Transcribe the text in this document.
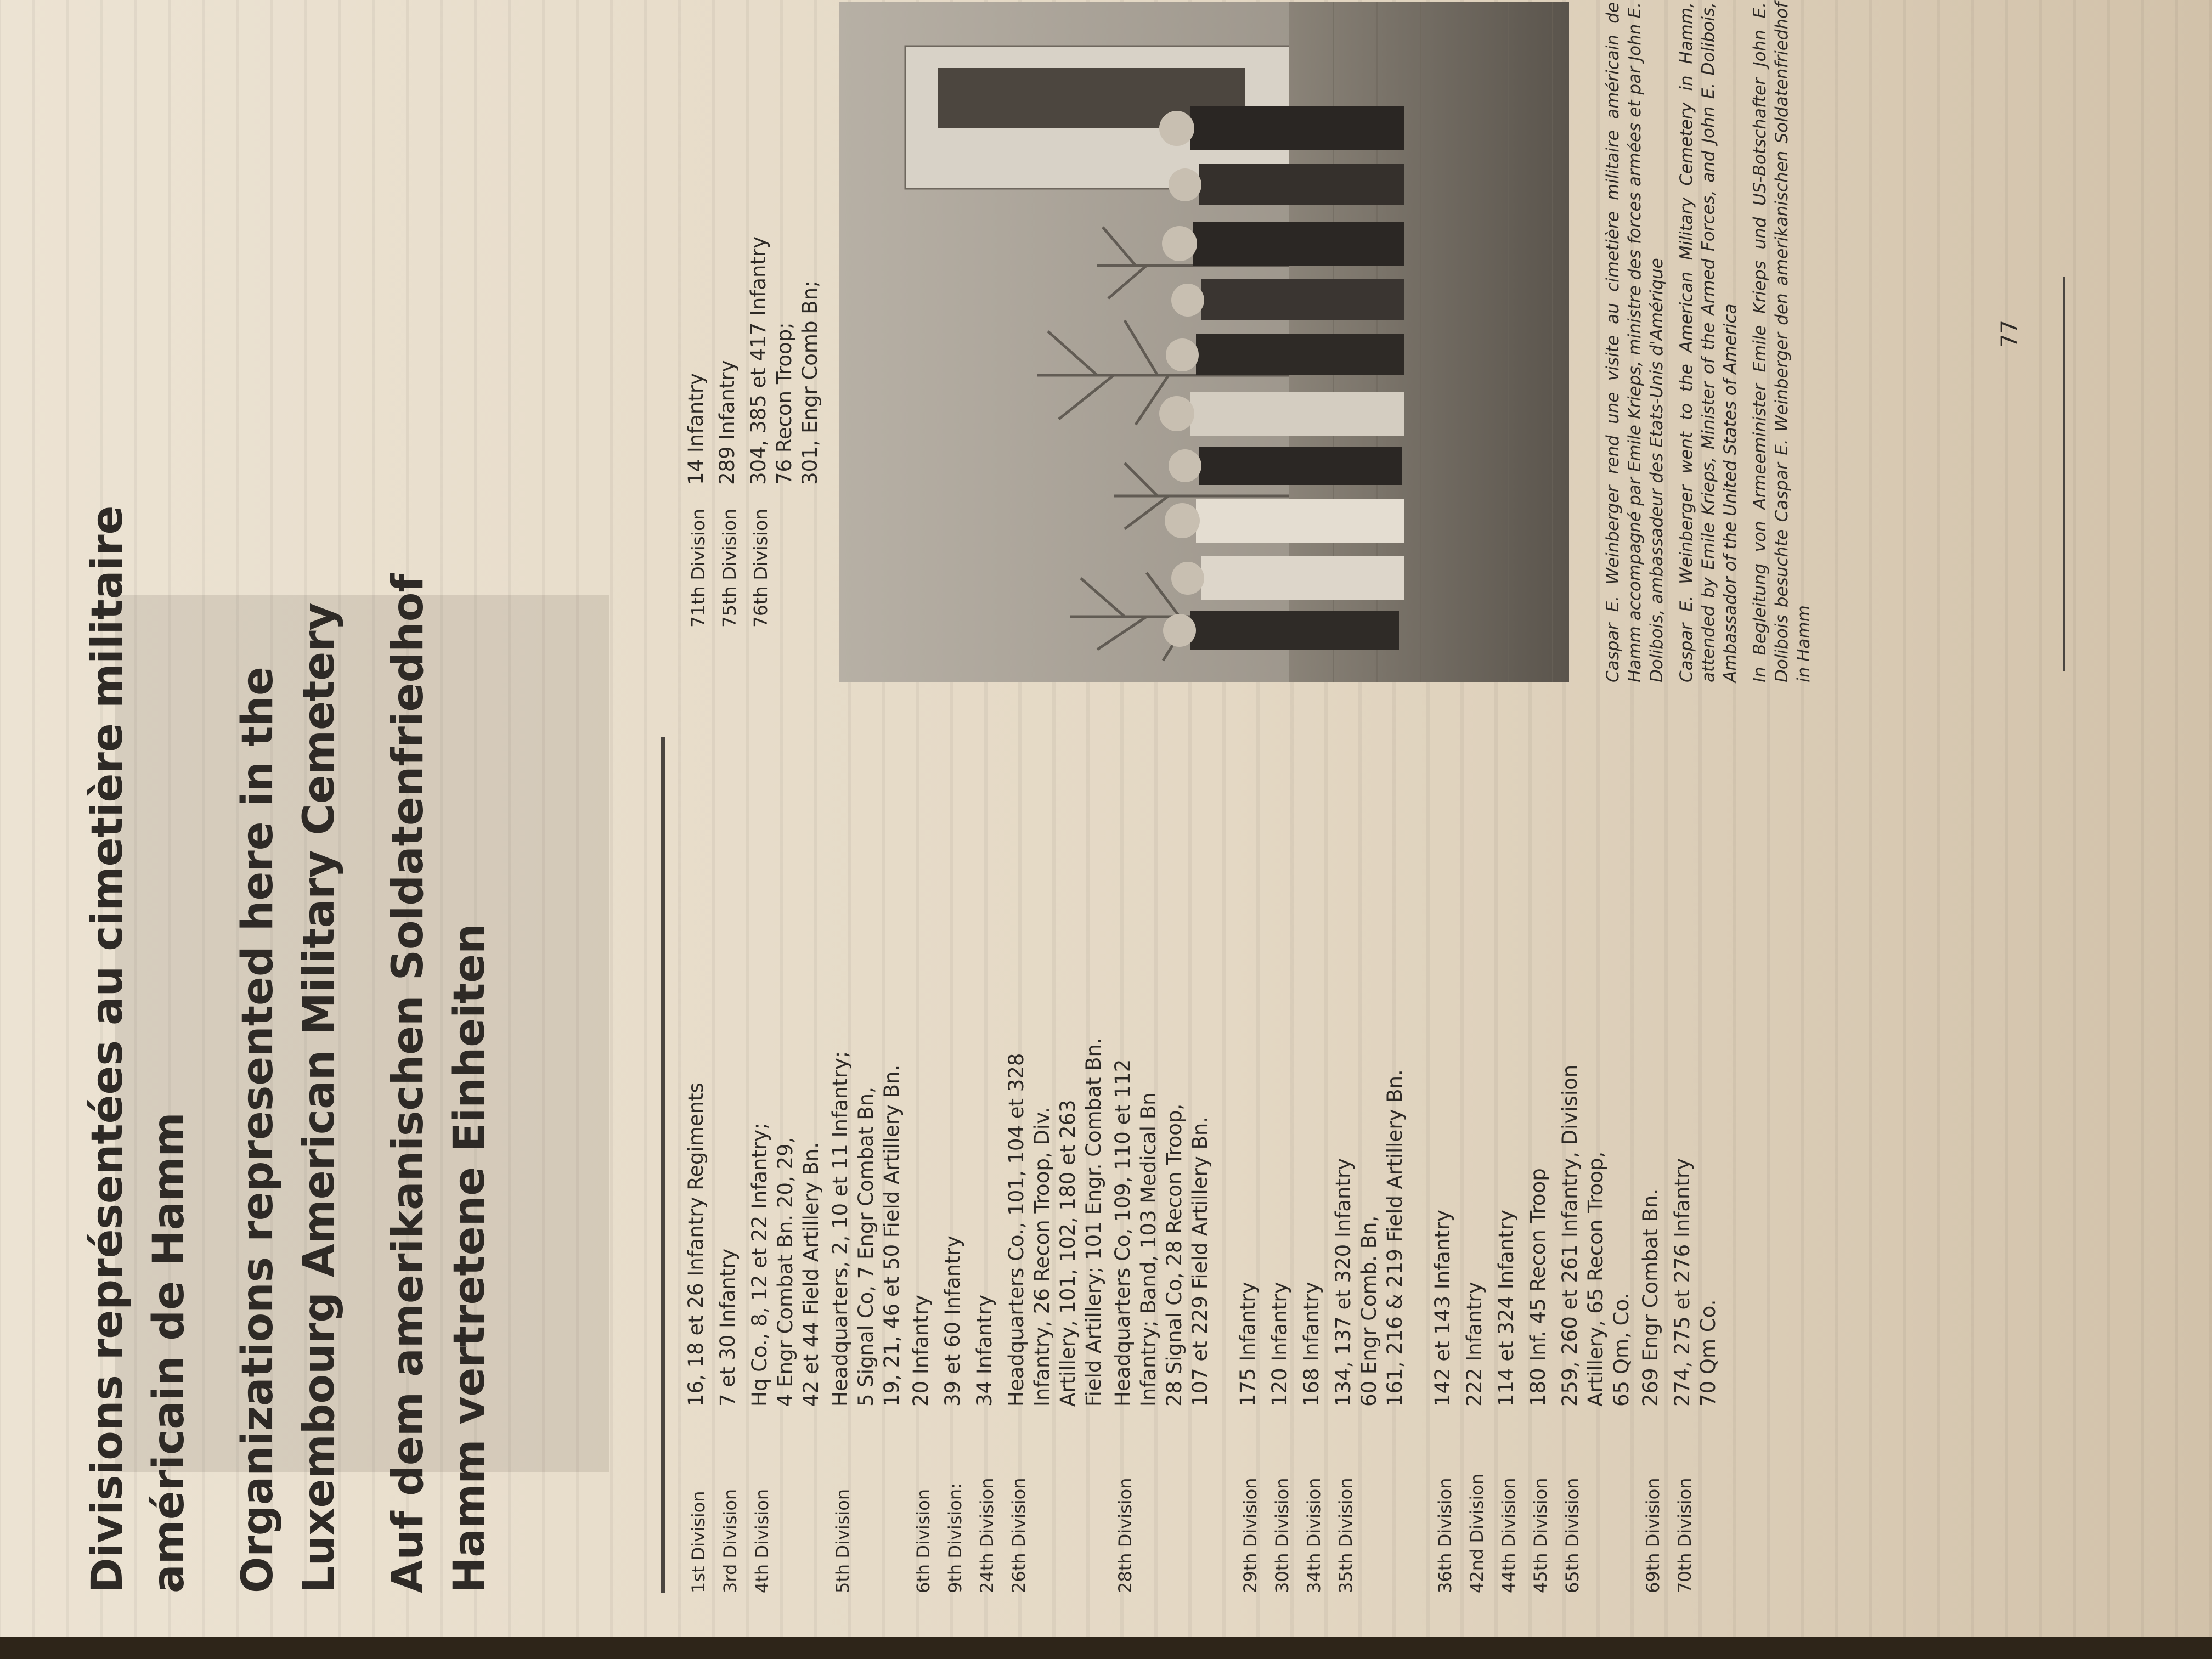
Divisions représentées au cimetière militaire américain de Hamm Organizations represented here in the Luxembourg American Military Cemetery Auf dem amerikanischen Soldatenfriedhof Hamm vertretene Einheiten	1st Division
16, 18 et 26 Infantry Regiments
3rd Division
7 et 30 Infantry
4th Division
Hq Co., 8, 12 et 22 Infantry; 4 Engr Combat Bn. 20, 29, 42 et 44 Field Artillery Bn.
5th Division
Headquarters, 2, 10 et 11 Infantry; 5 Signal Co, 7 Engr Combat Bn, 19, 21, 46 et 50 Field Artillery Bn.
6th Division
20 Infantry
9th Division:
39 et 60 Infantry
24th Division
34 Infantry
26th Division
Headquarters Co., 101, 104 et 328 Infantry, 26 Recon Troop, Div. Artillery, 101, 102, 180 et 263 Field Artillery; 101 Engr. Combat Bn.
28th Division
Headquarters Co, 109, 110 et 112 Infantry; Band, 103 Medical Bn 28 Signal Co, 28 Recon Troop, 107 et 229 Field Artillery Bn.
29th Division
175 Infantry
30th Division
120 Infantry
34th Division
168 Infantry
35th Division
134, 137 et 320 Infantry 60 Engr Comb. Bn, 161, 216 & 219 Field Artillery Bn.
36th Division
142 et 143 Infantry
42nd Division
222 Infantry
44th Division
114 et 324 Infantry
45th Division
180 Inf. 45 Recon Troop
65th Division
259, 260 et 261 Infantry, Division Artillery, 65 Recon Troop, 65 Qm, Co.
69th Division
269 Engr Combat Bn.
70th Division
274, 275 et 276 Infantry 70 Qm Co.
71th Division
14 Infantry
75th Division
289 Infantry
76th Division
304, 385 et 417 Infantry 76 Recon Troop; 301, Engr Comb Bn;	Caspar E. Weinberger rend une visite au cimetière militaire américain de Hamm accompagné par Emile Krieps, ministre des forces armées et par John E. Dolibois, ambassadeur des Etats-Unis d'Amérique Caspar E. Weinberger went to the American Military Cemetery in Hamm, attended by Emile Krieps, Minister of the Armed Forces, and John E. Dolibois, Ambassador of the United States of America In Begleitung von Armeeminister Emile Krieps und US-Botschafter John E. Dolibois besuchte Caspar E. Weinberger den amerikanischen Soldatenfriedhof in Hamm

77
